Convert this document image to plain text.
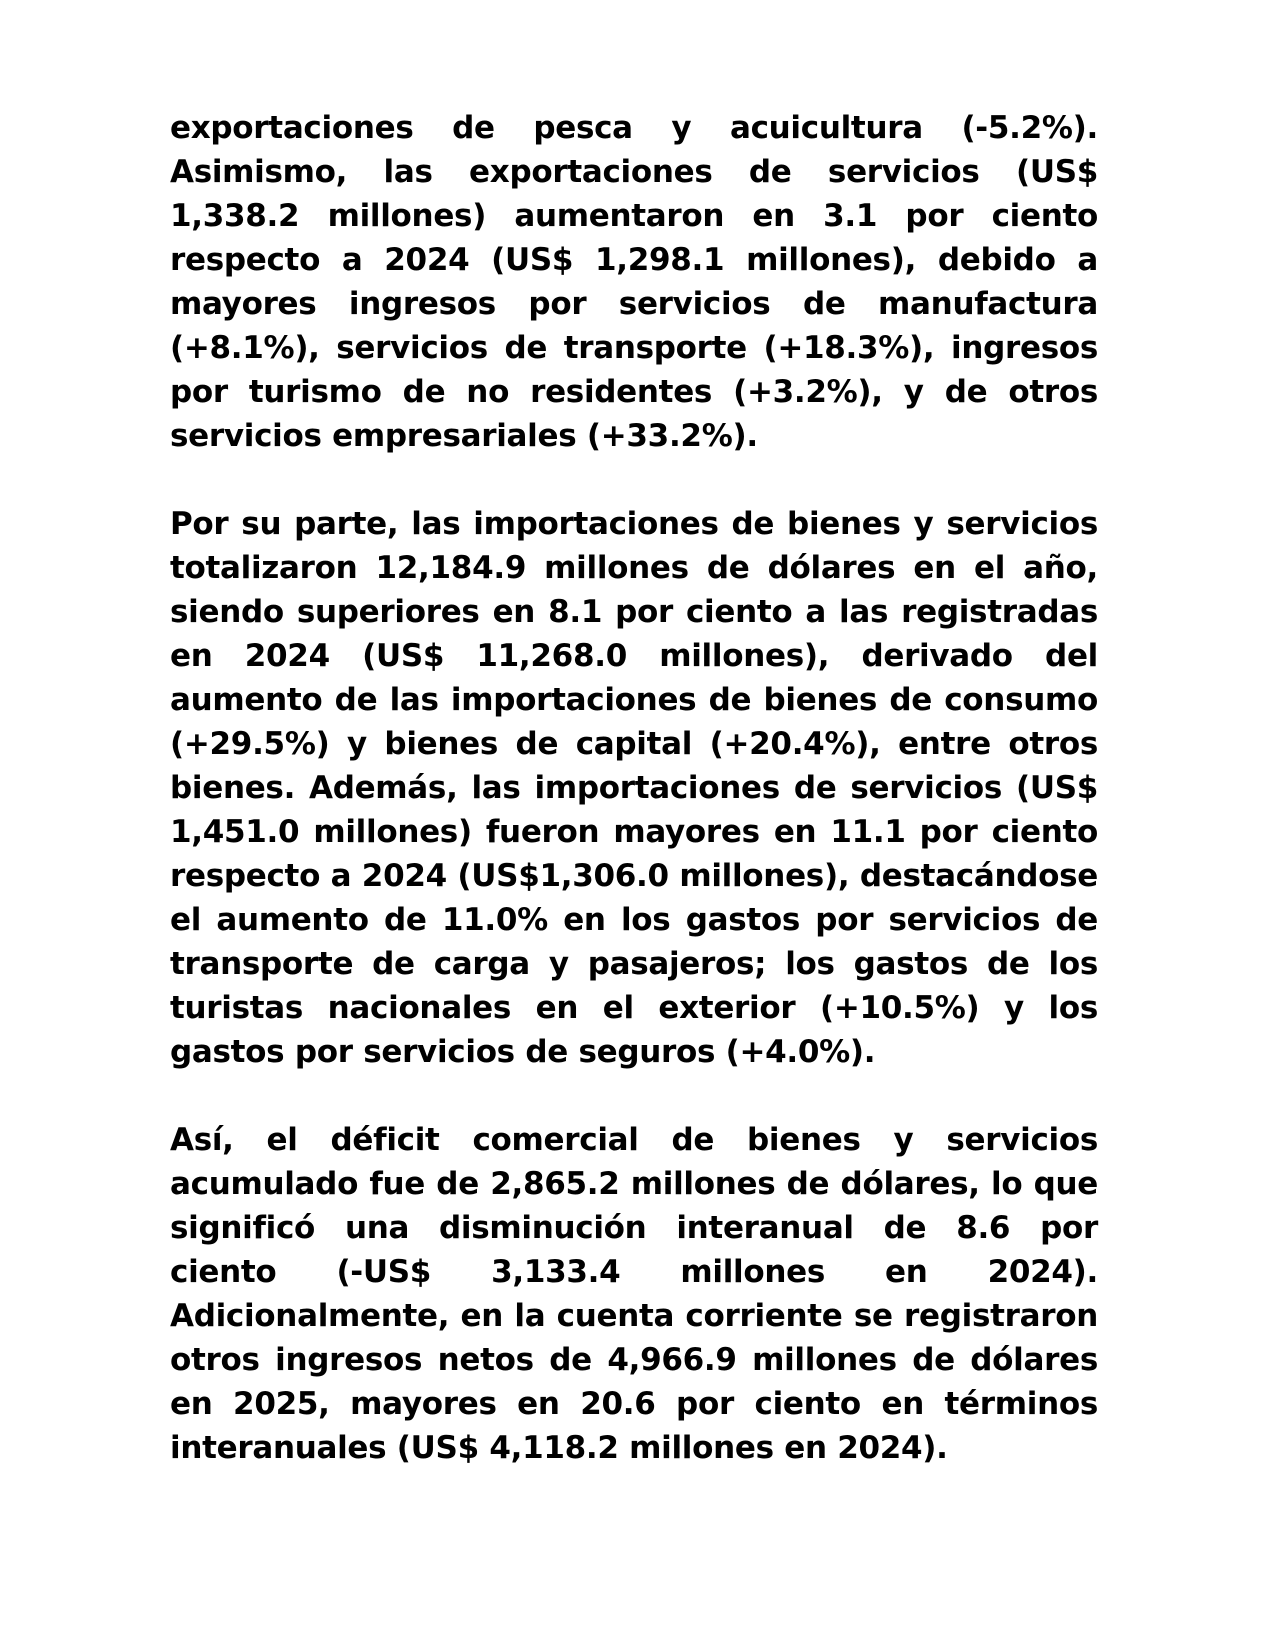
exportaciones de pesca y acuicultura (-5.2%). Asimismo, las exportaciones de servicios (US$ 1,338.2 millones) aumentaron en 3.1 por ciento respecto a 2024 (US$ 1,298.1 millones), debido a mayores ingresos por servicios de manufactura (+8.1%), servicios de transporte (+18.3%), ingresos por turismo de no residentes (+3.2%), y de otros servicios empresariales (+33.2%).

Por su parte, las importaciones de bienes y servicios totalizaron 12,184.9 millones de dólares en el año, siendo superiores en 8.1 por ciento a las registradas en 2024 (US$ 11,268.0 millones), derivado del aumento de las importaciones de bienes de consumo (+29.5%) y bienes de capital (+20.4%), entre otros bienes. Además, las importaciones de servicios (US$ 1,451.0 millones) fueron mayores en 11.1 por ciento respecto a 2024 (US$1,306.0 millones), destacándose el aumento de 11.0% en los gastos por servicios de transporte de carga y pasajeros; los gastos de los turistas nacionales en el exterior (+10.5%) y los gastos por servicios de seguros (+4.0%).

Así, el déficit comercial de bienes y servicios acumulado fue de 2,865.2 millones de dólares, lo que significó una disminución interanual de 8.6 por ciento (-US$ 3,133.4 millones en 2024). Adicionalmente, en la cuenta corriente se registraron otros ingresos netos de 4,966.9 millones de dólares en 2025, mayores en 20.6 por ciento en términos interanuales (US$ 4,118.2 millones en 2024).
